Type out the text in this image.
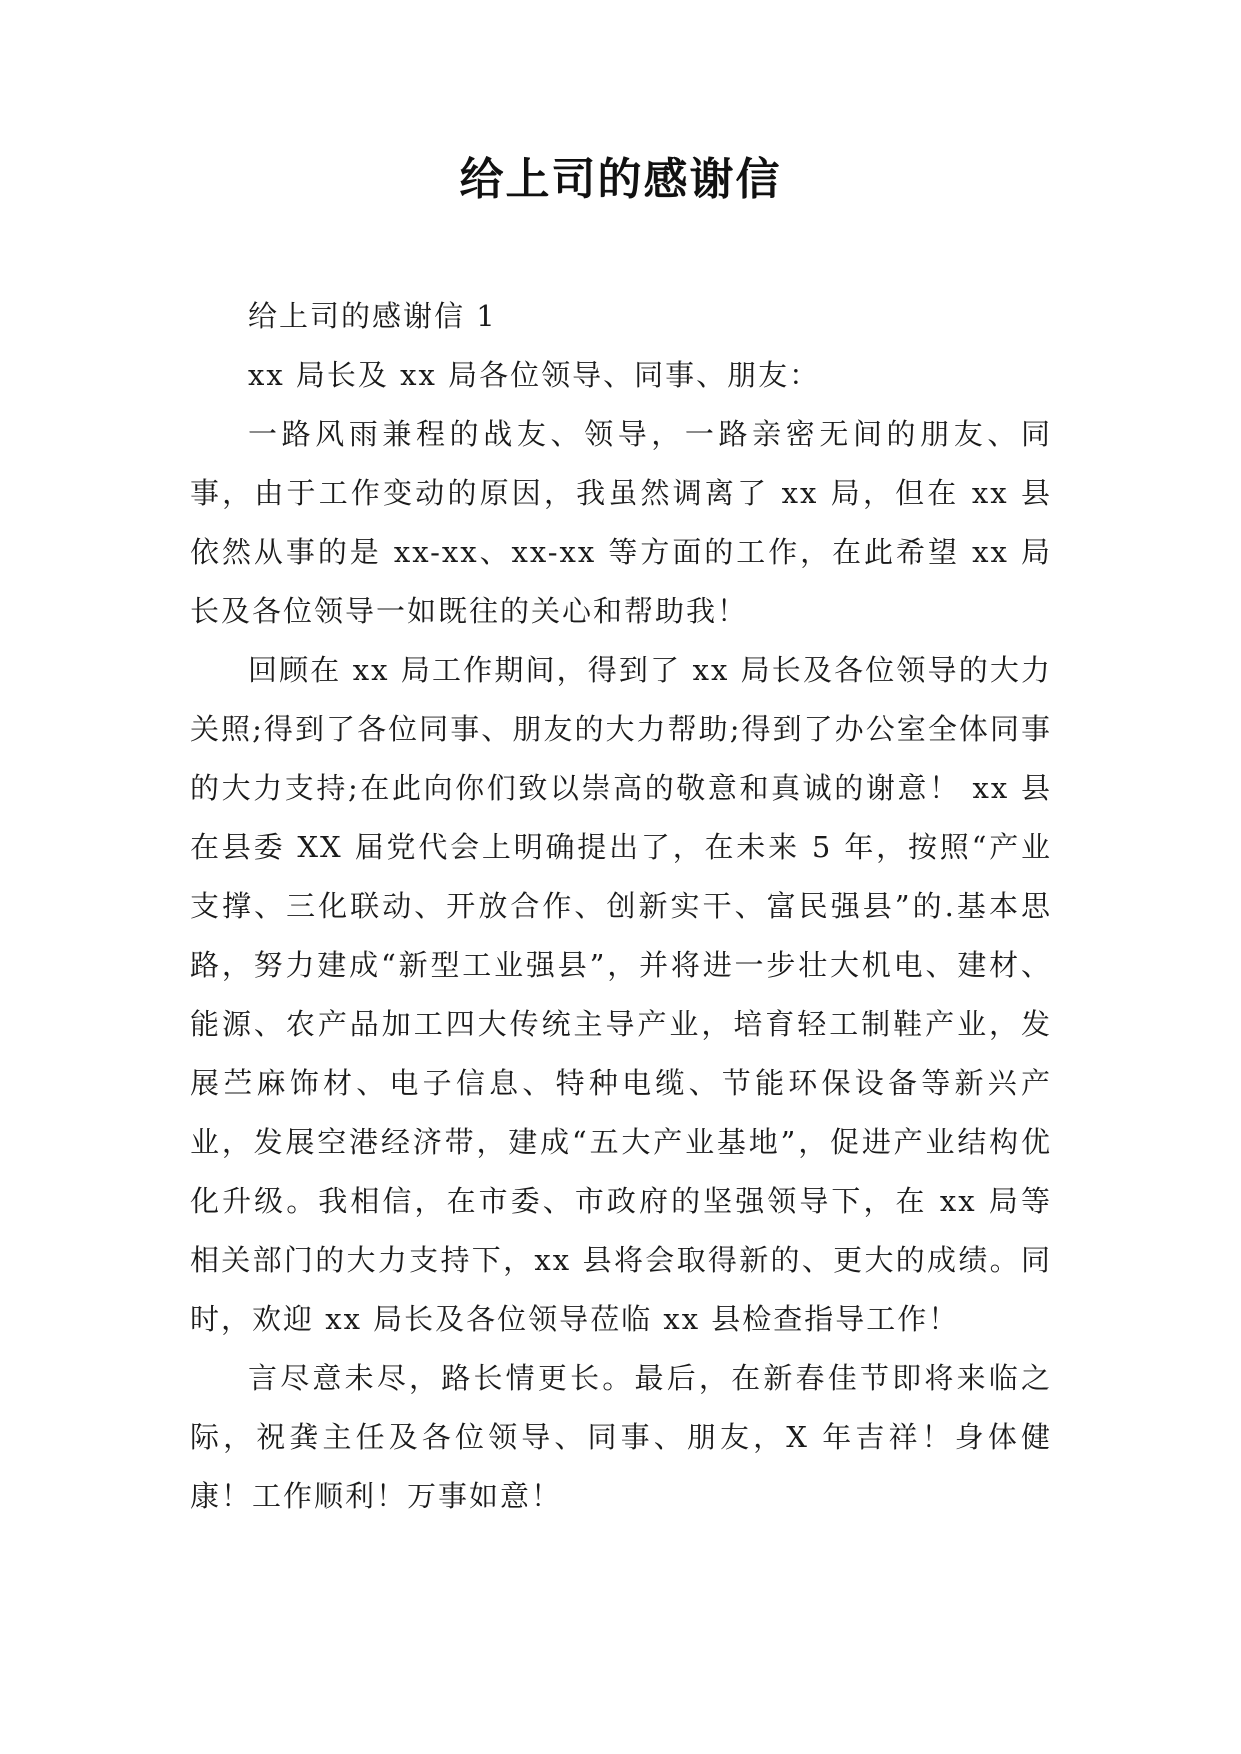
给上司的感谢信

给上司的感谢信 1

xx 局长及 xx 局各位领导、同事、朋友：

一路风雨兼程的战友、领导，一路亲密无间的朋友、同事，由于工作变动的原因，我虽然调离了 xx 局，但在 xx 县依然从事的是 xx-xx、xx-xx 等方面的工作，在此希望 xx 局长及各位领导一如既往的关心和帮助我！

回顾在 xx 局工作期间，得到了 xx 局长及各位领导的大力关照;得到了各位同事、朋友的大力帮助;得到了办公室全体同事的大力支持;在此向你们致以崇高的敬意和真诚的谢意！ xx 县在县委 XX 届党代会上明确提出了，在未来 5 年，按照“产业支撑、三化联动、开放合作、创新实干、富民强县”的.基本思路，努力建成“新型工业强县”，并将进一步壮大机电、建材、能源、农产品加工四大传统主导产业，培育轻工制鞋产业，发展苎麻饰材、电子信息、特种电缆、节能环保设备等新兴产业，发展空港经济带，建成“五大产业基地”，促进产业结构优化升级。我相信，在市委、市政府的坚强领导下，在 xx 局等相关部门的大力支持下，xx 县将会取得新的、更大的成绩。同时，欢迎 xx 局长及各位领导莅临 xx 县检查指导工作！

言尽意未尽，路长情更长。最后，在新春佳节即将来临之际，祝龚主任及各位领导、同事、朋友，X 年吉祥！身体健康！工作顺利！万事如意！
